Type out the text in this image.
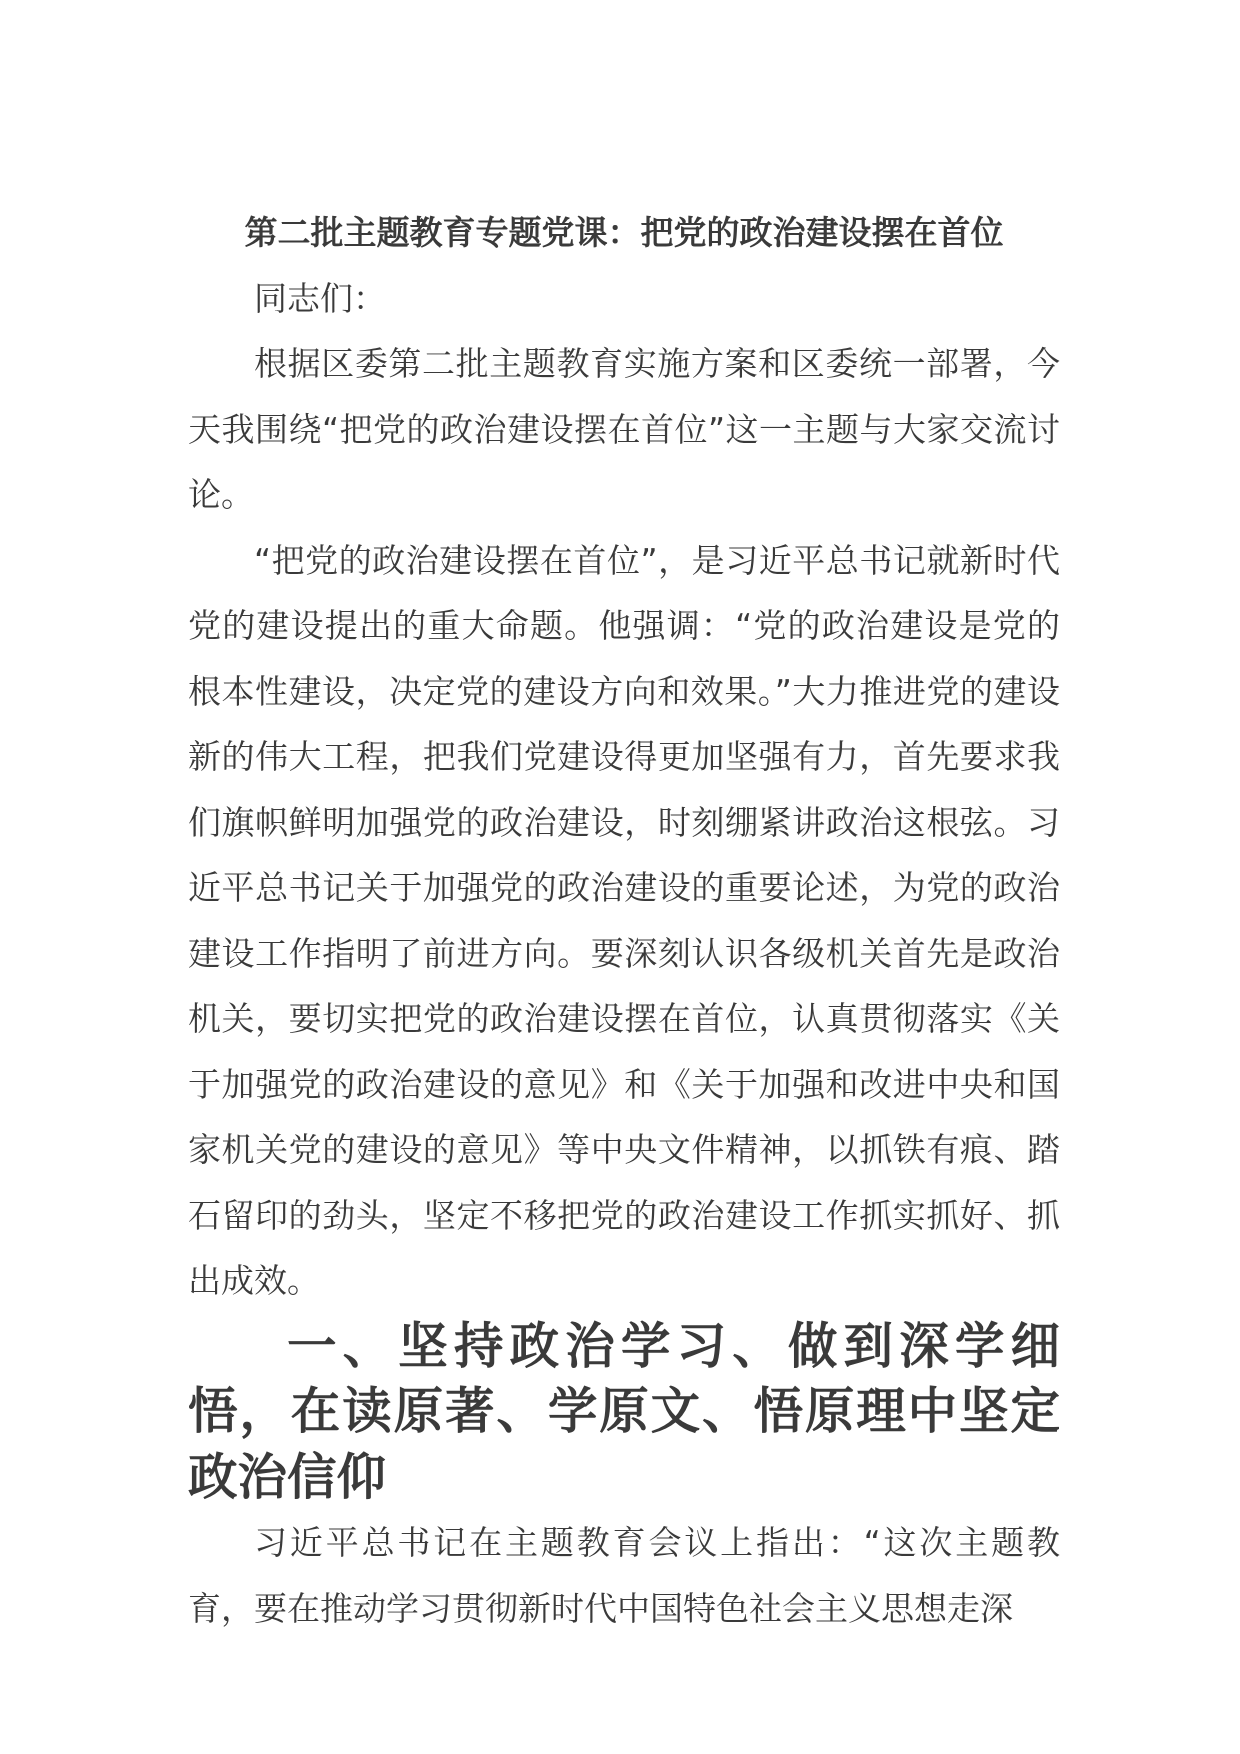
第二批主题教育专题党课：把党的政治建设摆在首位

同志们：

根据区委第二批主题教育实施方案和区委统一部署，今天我围绕“把党的政治建设摆在首位”这一主题与大家交流讨论。

“把党的政治建设摆在首位”，是习近平总书记就新时代党的建设提出的重大命题。他强调：“党的政治建设是党的根本性建设，决定党的建设方向和效果。”大力推进党的建设新的伟大工程，把我们党建设得更加坚强有力，首先要求我们旗帜鲜明加强党的政治建设，时刻绷紧讲政治这根弦。习近平总书记关于加强党的政治建设的重要论述，为党的政治建设工作指明了前进方向。要深刻认识各级机关首先是政治机关，要切实把党的政治建设摆在首位，认真贯彻落实《关于加强党的政治建设的意见》和《关于加强和改进中央和国家机关党的建设的意见》等中央文件精神，以抓铁有痕、踏石留印的劲头，坚定不移把党的政治建设工作抓实抓好、抓出成效。

一、坚持政治学习、做到深学细悟，在读原著、学原文、悟原理中坚定政治信仰

习近平总书记在主题教育会议上指出：“这次主题教育，要在推动学习贯彻新时代中国特色社会主义思想走深
